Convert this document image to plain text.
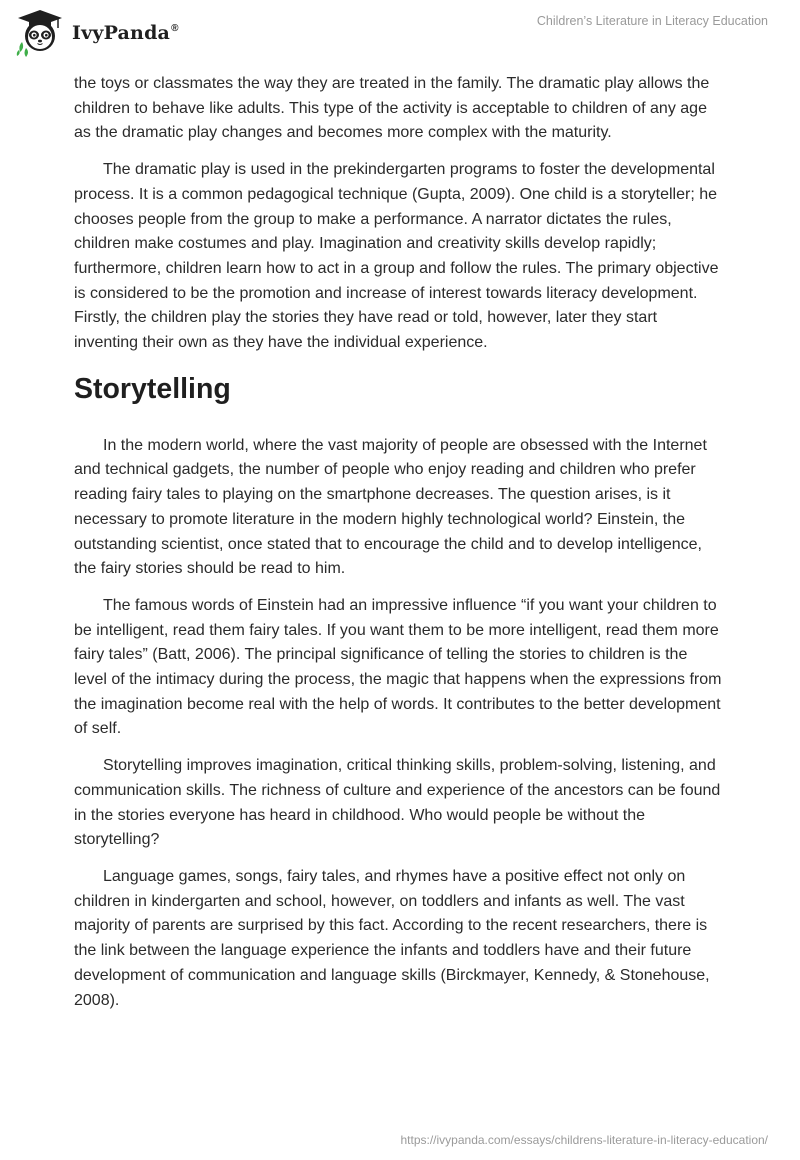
IvyPanda®
Children’s Literature in Literacy Education

the toys or classmates the way they are treated in the family. The dramatic play allows the children to behave like adults. This type of the activity is acceptable to children of any age as the dramatic play changes and becomes more complex with the maturity.

The dramatic play is used in the prekindergarten programs to foster the developmental process. It is a common pedagogical technique (Gupta, 2009). One child is a storyteller; he chooses people from the group to make a performance. A narrator dictates the rules, children make costumes and play. Imagination and creativity skills develop rapidly; furthermore, children learn how to act in a group and follow the rules. The primary objective is considered to be the promotion and increase of interest towards literacy development. Firstly, the children play the stories they have read or told, however, later they start inventing their own as they have the individual experience.

Storytelling

In the modern world, where the vast majority of people are obsessed with the Internet and technical gadgets, the number of people who enjoy reading and children who prefer reading fairy tales to playing on the smartphone decreases. The question arises, is it necessary to promote literature in the modern highly technological world? Einstein, the outstanding scientist, once stated that to encourage the child and to develop intelligence, the fairy stories should be read to him.

The famous words of Einstein had an impressive influence “if you want your children to be intelligent, read them fairy tales. If you want them to be more intelligent, read them more fairy tales” (Batt, 2006). The principal significance of telling the stories to children is the level of the intimacy during the process, the magic that happens when the expressions from the imagination become real with the help of words. It contributes to the better development of self.

Storytelling improves imagination, critical thinking skills, problem-solving, listening, and communication skills. The richness of culture and experience of the ancestors can be found in the stories everyone has heard in childhood. Who would people be without the storytelling?

Language games, songs, fairy tales, and rhymes have a positive effect not only on children in kindergarten and school, however, on toddlers and infants as well. The vast majority of parents are surprised by this fact. According to the recent researchers, there is the link between the language experience the infants and toddlers have and their future development of communication and language skills (Birckmayer, Kennedy, & Stonehouse, 2008).

https://ivypanda.com/essays/childrens-literature-in-literacy-education/
